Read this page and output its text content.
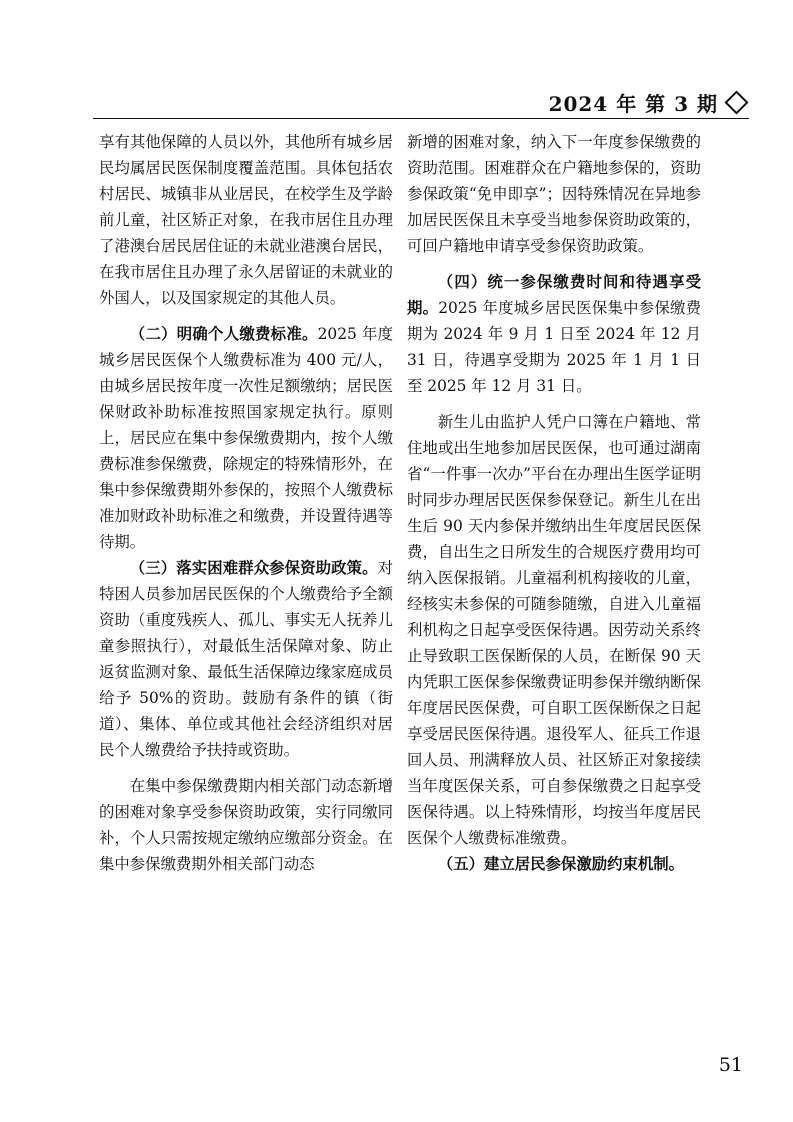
2024 年 第 3 期

享有其他保障的人员以外，其他所有城乡居民均属居民医保制度覆盖范围。具体包括农村居民、城镇非从业居民，在校学生及学龄前儿童，社区矫正对象，在我市居住且办理了港澳台居民居住证的未就业港澳台居民，在我市居住且办理了永久居留证的未就业的外国人，以及国家规定的其他人员。

（二）明确个人缴费标准。2025 年度城乡居民医保个人缴费标准为 400 元/人，由城乡居民按年度一次性足额缴纳；居民医保财政补助标准按照国家规定执行。原则上，居民应在集中参保缴费期内，按个人缴费标准参保缴费，除规定的特殊情形外，在集中参保缴费期外参保的，按照个人缴费标准加财政补助标准之和缴费，并设置待遇等待期。

（三）落实困难群众参保资助政策。对特困人员参加居民医保的个人缴费给予全额资助（重度残疾人、孤儿、事实无人抚养儿童参照执行），对最低生活保障对象、防止返贫监测对象、最低生活保障边缘家庭成员给予 50%的资助。鼓励有条件的镇（街道）、集体、单位或其他社会经济组织对居民个人缴费给予扶持或资助。

在集中参保缴费期内相关部门动态新增的困难对象享受参保资助政策，实行同缴同补，个人只需按规定缴纳应缴部分资金。在集中参保缴费期外相关部门动态

新增的困难对象，纳入下一年度参保缴费的资助范围。困难群众在户籍地参保的，资助参保政策“免申即享”；因特殊情况在异地参加居民医保且未享受当地参保资助政策的，可回户籍地申请享受参保资助政策。

（四）统一参保缴费时间和待遇享受期。2025 年度城乡居民医保集中参保缴费期为 2024 年 9 月 1 日至 2024 年 12 月 31 日，待遇享受期为 2025 年 1 月 1 日至 2025 年 12 月 31 日。

新生儿由监护人凭户口簿在户籍地、常住地或出生地参加居民医保，也可通过湖南省“一件事一次办”平台在办理出生医学证明时同步办理居民医保参保登记。新生儿在出生后 90 天内参保并缴纳出生年度居民医保费，自出生之日所发生的合规医疗费用均可纳入医保报销。儿童福利机构接收的儿童，经核实未参保的可随参随缴，自进入儿童福利机构之日起享受医保待遇。因劳动关系终止导致职工医保断保的人员，在断保 90 天内凭职工医保参保缴费证明参保并缴纳断保年度居民医保费，可自职工医保断保之日起享受居民医保待遇。退役军人、征兵工作退回人员、刑满释放人员、社区矫正对象接续当年度医保关系，可自参保缴费之日起享受医保待遇。以上特殊情形，均按当年度居民医保个人缴费标准缴费。

（五）建立居民参保激励约束机制。

51
